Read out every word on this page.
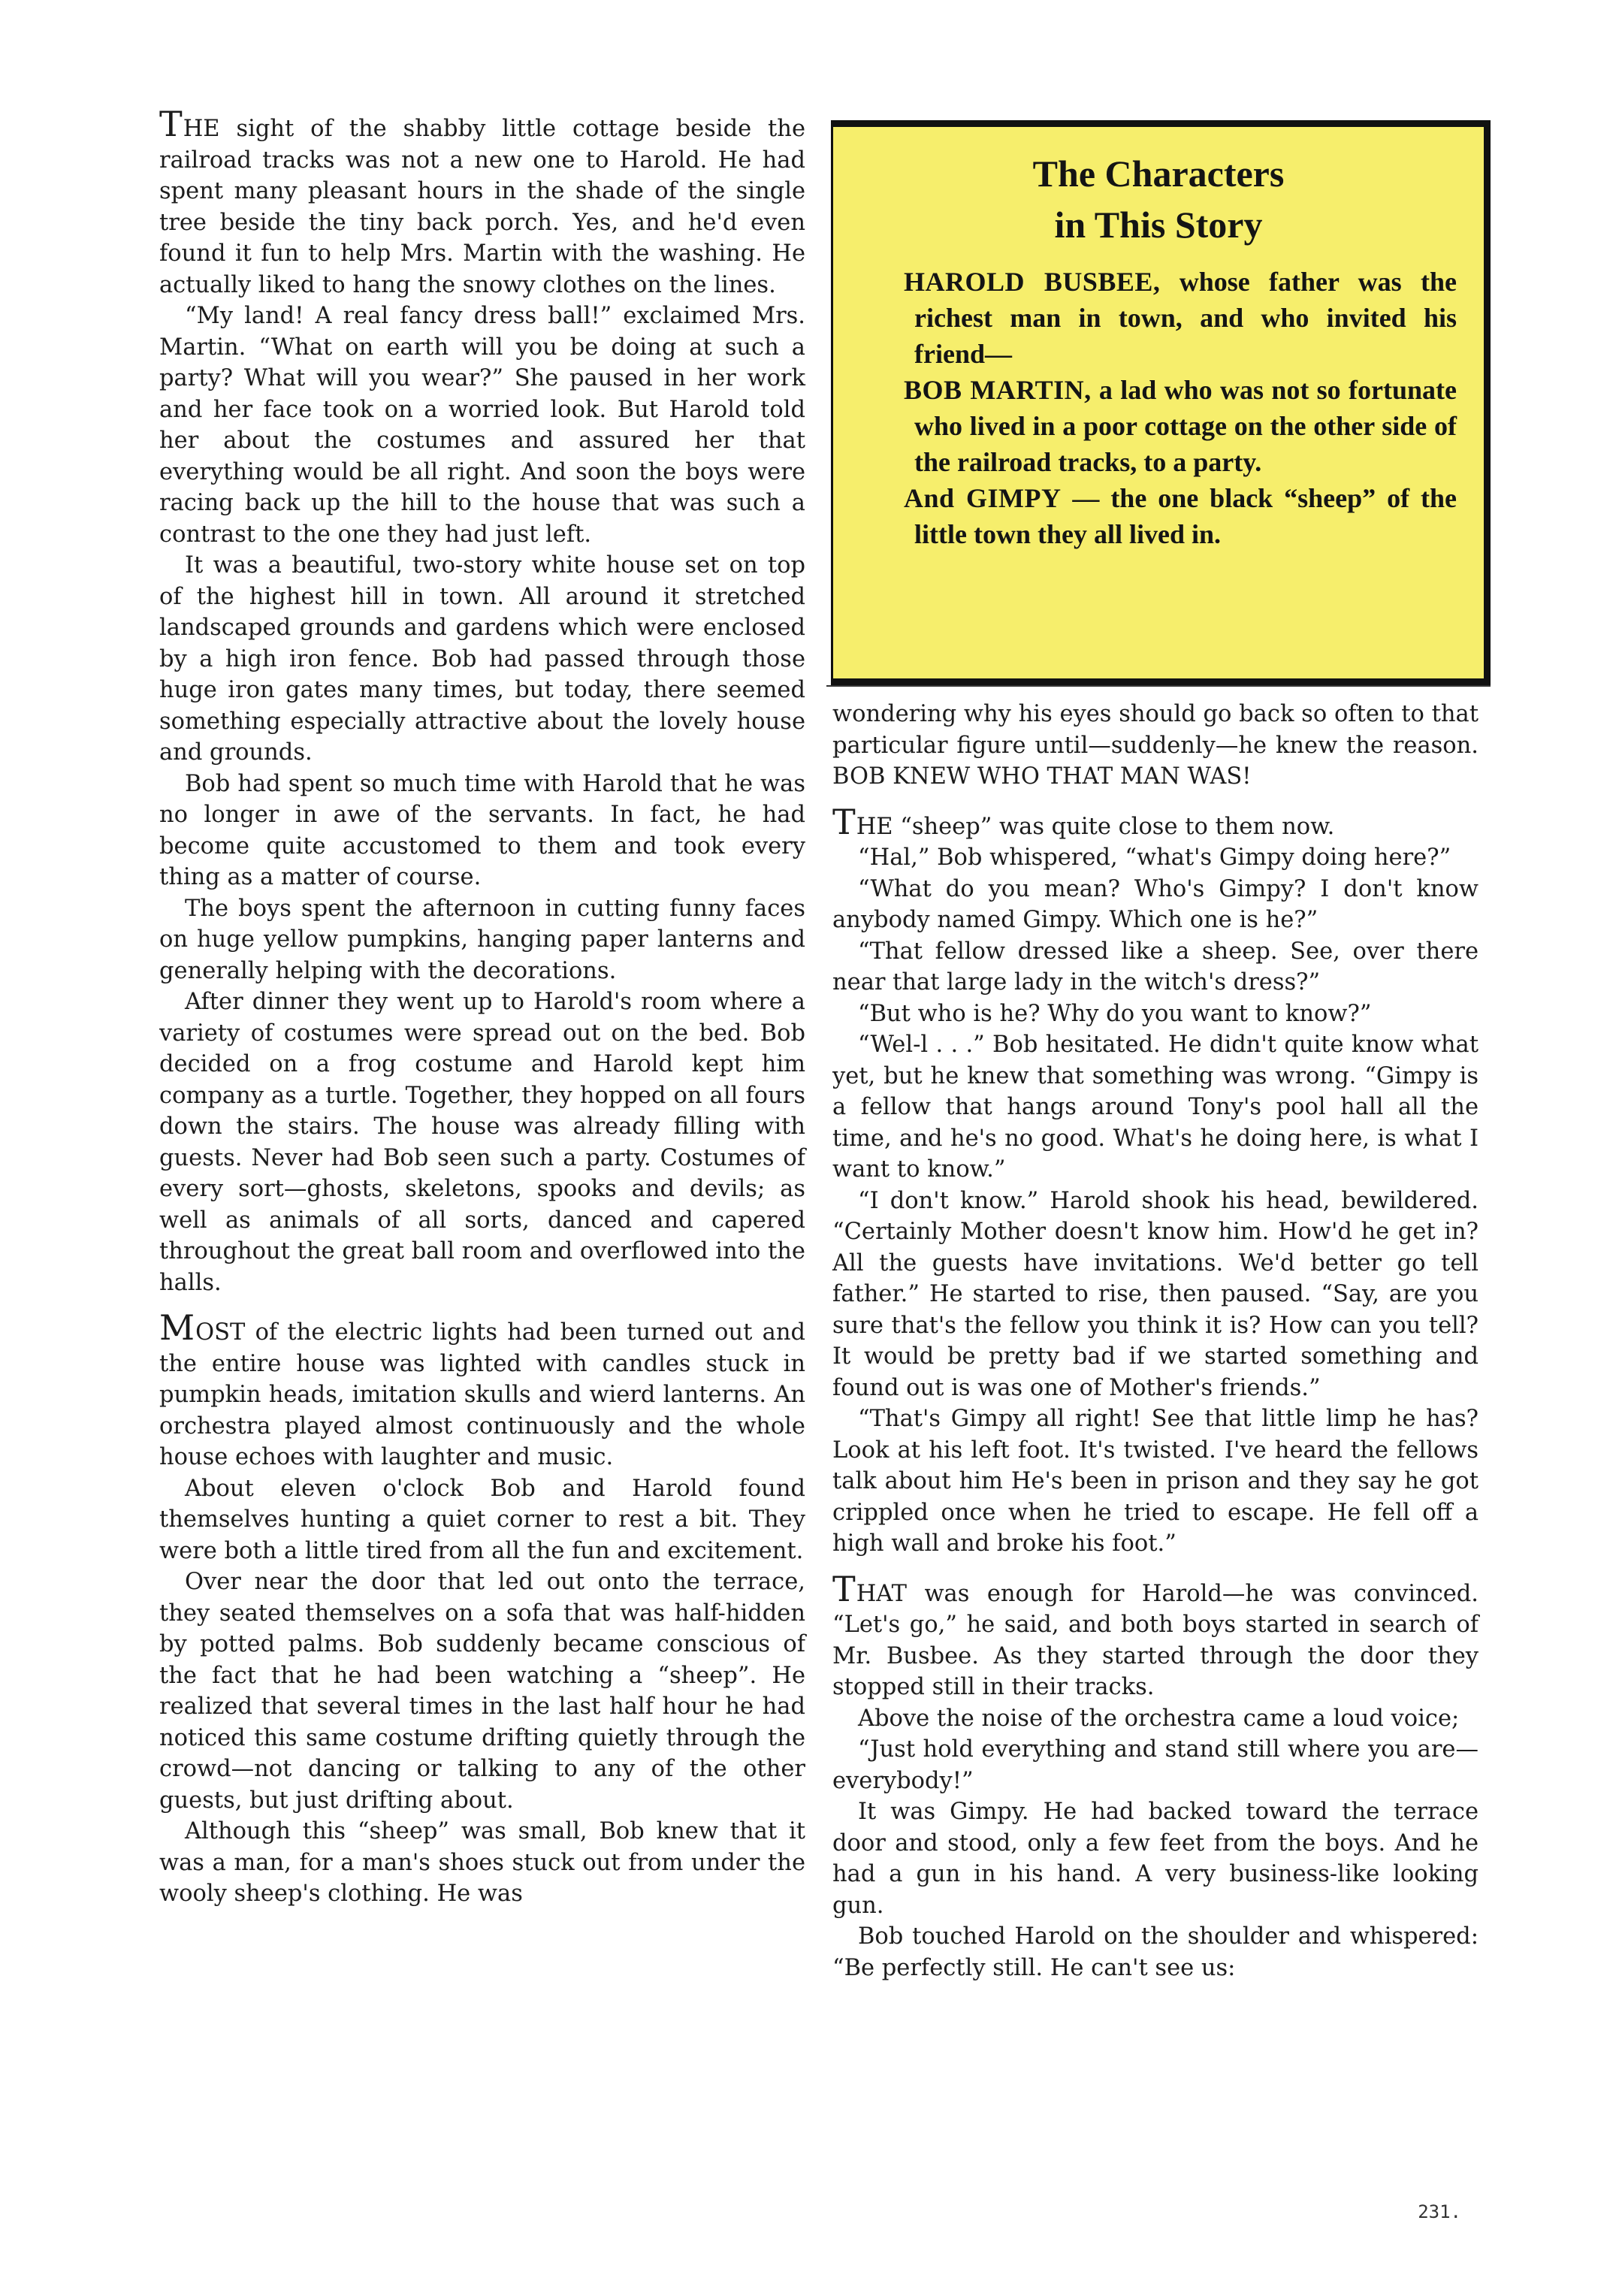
THE sight of the shabby little cottage beside the railroad tracks was not a new one to Harold. He had spent many pleasant hours in the shade of the single tree beside the tiny back porch. Yes, and he'd even found it fun to help Mrs. Martin with the washing. He actually liked to hang the snowy clothes on the lines.

“My land! A real fancy dress ball!” exclaimed Mrs. Martin. “What on earth will you be doing at such a party? What will you wear?” She paused in her work and her face took on a worried look. But Harold told her about the costumes and assured her that everything would be all right. And soon the boys were racing back up the hill to the house that was such a contrast to the one they had just left.

It was a beautiful, two-story white house set on top of the highest hill in town. All around it stretched landscaped grounds and gardens which were enclosed by a high iron fence. Bob had passed through those huge iron gates many times, but today, there seemed something especially attractive about the lovely house and grounds.

Bob had spent so much time with Harold that he was no longer in awe of the servants. In fact, he had become quite accustomed to them and took every thing as a matter of course.

The boys spent the afternoon in cutting funny faces on huge yellow pumpkins, hanging paper lanterns and generally helping with the decorations.

After dinner they went up to Harold's room where a variety of costumes were spread out on the bed. Bob decided on a frog costume and Harold kept him company as a turtle. Together, they hopped on all fours down the stairs. The house was already filling with guests. Never had Bob seen such a party. Costumes of every sort—ghosts, skeletons, spooks and devils; as well as animals of all sorts, danced and capered throughout the great ball room and overflowed into the halls.

MOST of the electric lights had been turned out and the entire house was lighted with candles stuck in pumpkin heads, imitation skulls and wierd lanterns. An orchestra played almost continuously and the whole house echoes with laughter and music.

About eleven o'clock Bob and Harold found themselves hunting a quiet corner to rest a bit. They were both a little tired from all the fun and excitement.

Over near the door that led out onto the terrace, they seated themselves on a sofa that was half-hidden by potted palms. Bob suddenly became conscious of the fact that he had been watching a “sheep”. He realized that several times in the last half hour he had noticed this same costume drifting quietly through the crowd—not dancing or talking to any of the other guests, but just drifting about.

Although this “sheep” was small, Bob knew that it was a man, for a man's shoes stuck out from under the wooly sheep's clothing. He was

The Characters
in This Story
HAROLD BUSBEE, whose father was the richest man in town, and who invited his friend—
BOB MARTIN, a lad who was not so fortunate who lived in a poor cottage on the other side of the railroad tracks, to a party.
And GIMPY — the one black “sheep” of the little town they all lived in.

wondering why his eyes should go back so often to that particular figure until—suddenly—he knew the reason. BOB KNEW WHO THAT MAN WAS!

THE “sheep” was quite close to them now.

“Hal,” Bob whispered, “what's Gimpy doing here?”

“What do you mean? Who's Gimpy? I don't know anybody named Gimpy. Which one is he?”

“That fellow dressed like a sheep. See, over there near that large lady in the witch's dress?”

“But who is he? Why do you want to know?”

“Wel-l . . .” Bob hesitated. He didn't quite know what yet, but he knew that something was wrong. “Gimpy is a fellow that hangs around Tony's pool hall all the time, and he's no good. What's he doing here, is what I want to know.”

“I don't know.” Harold shook his head, bewildered. “Certainly Mother doesn't know him. How'd he get in? All the guests have invitations. We'd better go tell father.” He started to rise, then paused. “Say, are you sure that's the fellow you think it is? How can you tell? It would be pretty bad if we started something and found out is was one of Mother's friends.”

“That's Gimpy all right! See that little limp he has? Look at his left foot. It's twisted. I've heard the fellows talk about him He's been in prison and they say he got crippled once when he tried to escape. He fell off a high wall and broke his foot.”

THAT was enough for Harold—he was convinced. “Let's go,” he said, and both boys started in search of Mr. Busbee. As they started through the door they stopped still in their tracks.

Above the noise of the orchestra came a loud voice;

“Just hold everything and stand still where you are—everybody!”

It was Gimpy. He had backed toward the terrace door and stood, only a few feet from the boys. And he had a gun in his hand. A very business-like looking gun.

Bob touched Harold on the shoulder and whispered: “Be perfectly still. He can't see us:

231.
